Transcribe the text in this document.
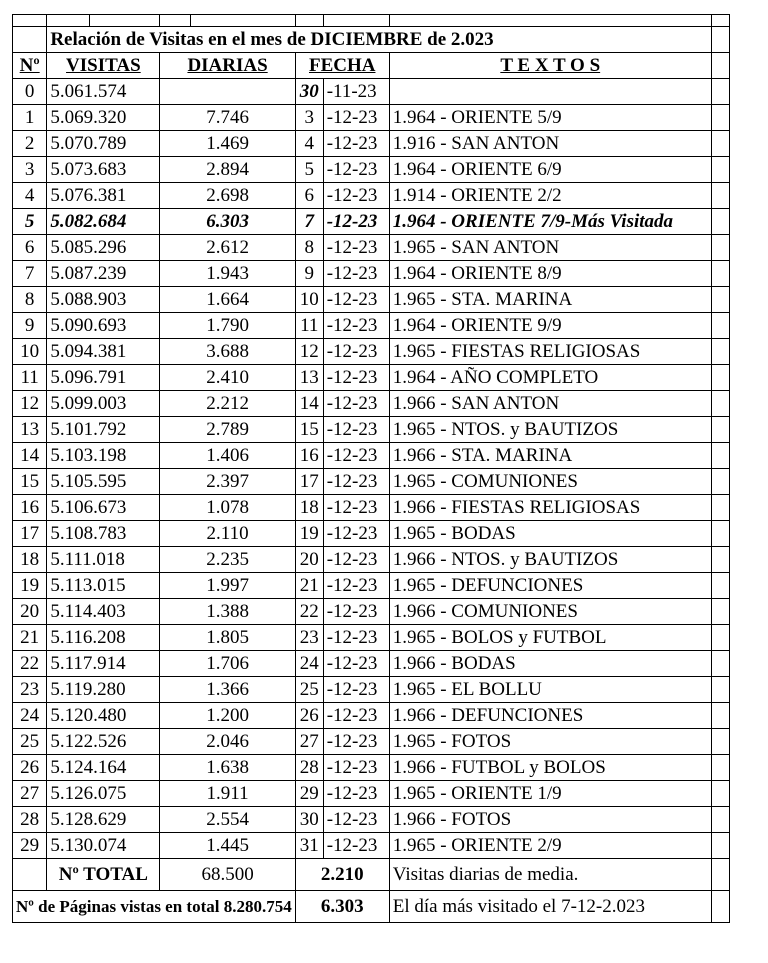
	Relación de Visitas en el mes de DICIEMBRE de 2.023							
Nº	VISITAS		DIARIAS		FECHA		T E X T O S	
0	5.061.574				30	-11-23		
1	5.069.320		7.746		3	-12-23	1.964 - ORIENTE 5/9	
2	5.070.789		1.469		4	-12-23	1.916 - SAN ANTON	
3	5.073.683		2.894		5	-12-23	1.964 - ORIENTE 6/9	
4	5.076.381		2.698		6	-12-23	1.914 - ORIENTE 2/2	
5	5.082.684		6.303		7	-12-23	1.964 - ORIENTE 7/9-Más Visitada	
6	5.085.296		2.612		8	-12-23	1.965 - SAN ANTON	
7	5.087.239		1.943		9	-12-23	1.964 - ORIENTE 8/9	
8	5.088.903		1.664		10	-12-23	1.965 - STA. MARINA	
9	5.090.693		1.790		11	-12-23	1.964 - ORIENTE 9/9	
10	5.094.381		3.688		12	-12-23	1.965 - FIESTAS RELIGIOSAS	
11	5.096.791		2.410		13	-12-23	1.964 - AÑO COMPLETO	
12	5.099.003		2.212		14	-12-23	1.966 - SAN ANTON	
13	5.101.792		2.789		15	-12-23	1.965 - NTOS. y BAUTIZOS	
14	5.103.198		1.406		16	-12-23	1.966 - STA. MARINA	
15	5.105.595		2.397		17	-12-23	1.965 - COMUNIONES	
16	5.106.673		1.078		18	-12-23	1.966 - FIESTAS RELIGIOSAS	
17	5.108.783		2.110		19	-12-23	1.965 - BODAS	
18	5.111.018		2.235		20	-12-23	1.966 - NTOS. y BAUTIZOS	
19	5.113.015		1.997		21	-12-23	1.965 - DEFUNCIONES	
20	5.114.403		1.388		22	-12-23	1.966 - COMUNIONES	
21	5.116.208		1.805		23	-12-23	1.965 - BOLOS y FUTBOL	
22	5.117.914		1.706		24	-12-23	1.966 - BODAS	
23	5.119.280		1.366		25	-12-23	1.965 - EL BOLLU	
24	5.120.480		1.200		26	-12-23	1.966 - DEFUNCIONES	
25	5.122.526		2.046		27	-12-23	1.965 - FOTOS	
26	5.124.164		1.638		28	-12-23	1.966 - FUTBOL y BOLOS	
27	5.126.075		1.911		29	-12-23	1.965 - ORIENTE 1/9	
28	5.128.629		2.554		30	-12-23	1.966 - FOTOS	
29	5.130.074		1.445		31	-12-23	1.965 - ORIENTE 2/9	
	Nº TOTAL		68.500		2.210		Visitas diarias de media.	
Nº de Páginas vistas en total 8.280.754					6.303		El día más visitado el 7-12-2.023	
